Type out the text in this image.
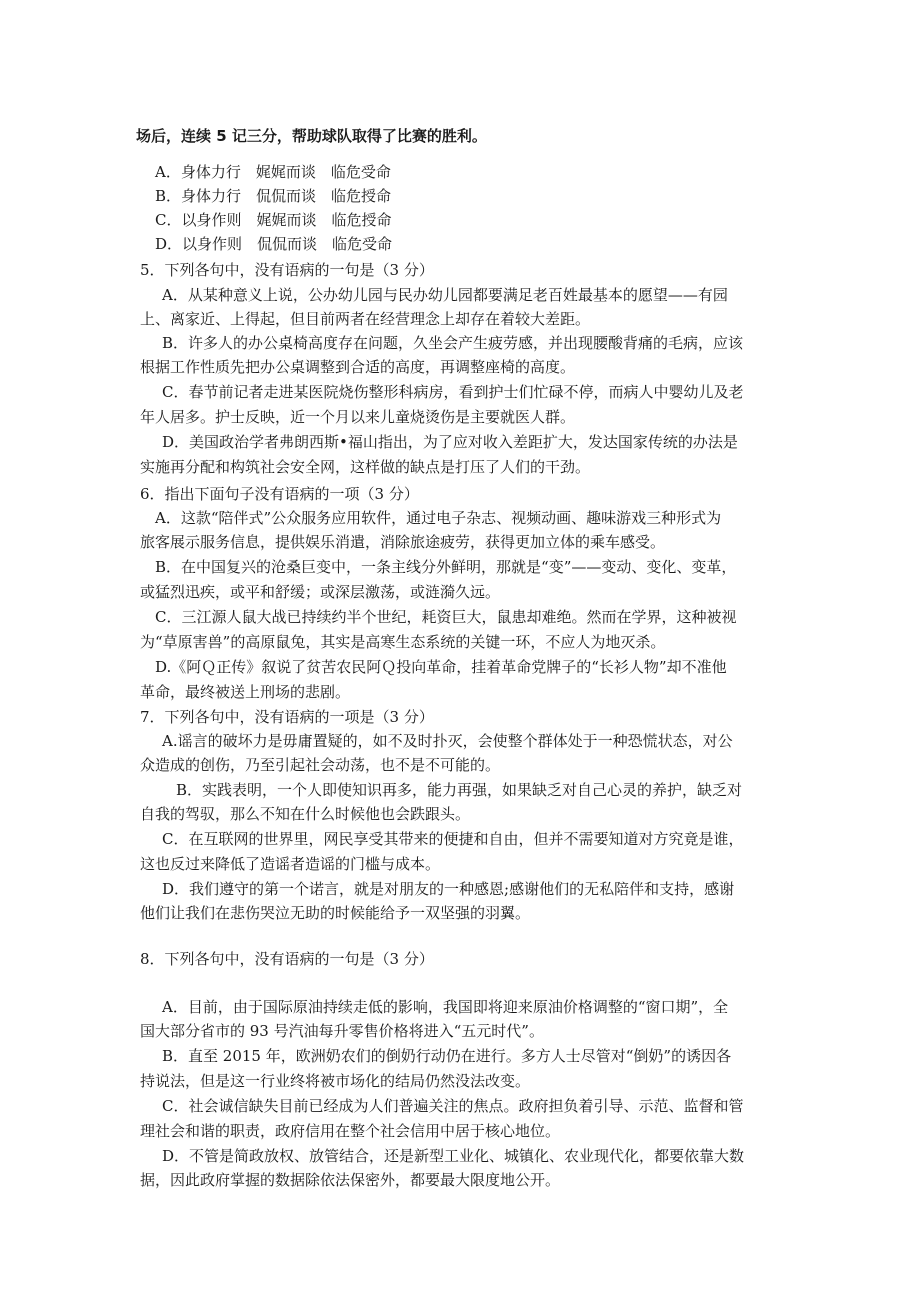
场后，连续 5 记三分，帮助球队取得了比赛的胜利。
A．身体力行　娓娓而谈　临危受命
B．身体力行　侃侃而谈　临危授命
C．以身作则　娓娓而谈　临危授命
D．以身作则　侃侃而谈　临危受命
5．下列各句中，没有语病的一句是（3 分）
A．从某种意义上说，公办幼儿园与民办幼儿园都要满足老百姓最基本的愿望——有园
上、离家近、上得起，但目前两者在经营理念上却存在着较大差距。
B．许多人的办公桌椅高度存在问题，久坐会产生疲劳感，并出现腰酸背痛的毛病，应该
根据工作性质先把办公桌调整到合适的高度，再调整座椅的高度。
C．春节前记者走进某医院烧伤整形科病房，看到护士们忙碌不停，而病人中婴幼儿及老
年人居多。护士反映，近一个月以来儿童烧烫伤是主要就医人群。
D．美国政治学者弗朗西斯•福山指出，为了应对收入差距扩大，发达国家传统的办法是
实施再分配和构筑社会安全网，这样做的缺点是打压了人们的干劲。
6．指出下面句子没有语病的一项（3 分）
A．这款“陪伴式”公众服务应用软件，通过电子杂志、视频动画、趣味游戏三种形式为
旅客展示服务信息，提供娱乐消遣，消除旅途疲劳，获得更加立体的乘车感受。
B．在中国复兴的沧桑巨变中，一条主线分外鲜明，那就是“变”——变动、变化、变革，
或猛烈迅疾，或平和舒缓；或深层激荡，或涟漪久远。
C．三江源人鼠大战已持续约半个世纪，耗资巨大，鼠患却难绝。然而在学界，这种被视
为“草原害兽”的高原鼠兔，其实是高寒生态系统的关键一环，不应人为地灭杀。
D.《阿Ｑ正传》叙说了贫苦农民阿Ｑ投向革命，挂着革命党牌子的“长衫人物”却不准他
革命，最终被送上刑场的悲剧。
7．下列各句中，没有语病的一项是（3 分）
A.谣言的破坏力是毋庸置疑的，如不及时扑灭，会使整个群体处于一种恐慌状态，对公
众造成的创伤，乃至引起社会动荡，也不是不可能的。
B．实践表明，一个人即使知识再多，能力再强，如果缺乏对自己心灵的养护，缺乏对
自我的驾驭，那么不知在什么时候他也会跌跟头。
C．在互联网的世界里，网民享受其带来的便捷和自由，但并不需要知道对方究竟是谁，
这也反过来降低了造谣者造谣的门槛与成本。
D．我们遵守的第一个诺言，就是对朋友的一种感恩;感谢他们的无私陪伴和支持，感谢
他们让我们在悲伤哭泣无助的时候能给予一双坚强的羽翼。
8．下列各句中，没有语病的一句是（3 分）
A．目前，由于国际原油持续走低的影响，我国即将迎来原油价格调整的“窗口期”，全
国大部分省市的 93 号汽油每升零售价格将进入“五元时代”。
B．直至 2015 年，欧洲奶农们的倒奶行动仍在进行。多方人士尽管对“倒奶”的诱因各
持说法，但是这一行业终将被市场化的结局仍然没法改变。
C．社会诚信缺失目前已经成为人们普遍关注的焦点。政府担负着引导、示范、监督和管
理社会和谐的职责，政府信用在整个社会信用中居于核心地位。
D．不管是简政放权、放管结合，还是新型工业化、城镇化、农业现代化，都要依靠大数
据，因此政府掌握的数据除依法保密外，都要最大限度地公开。
